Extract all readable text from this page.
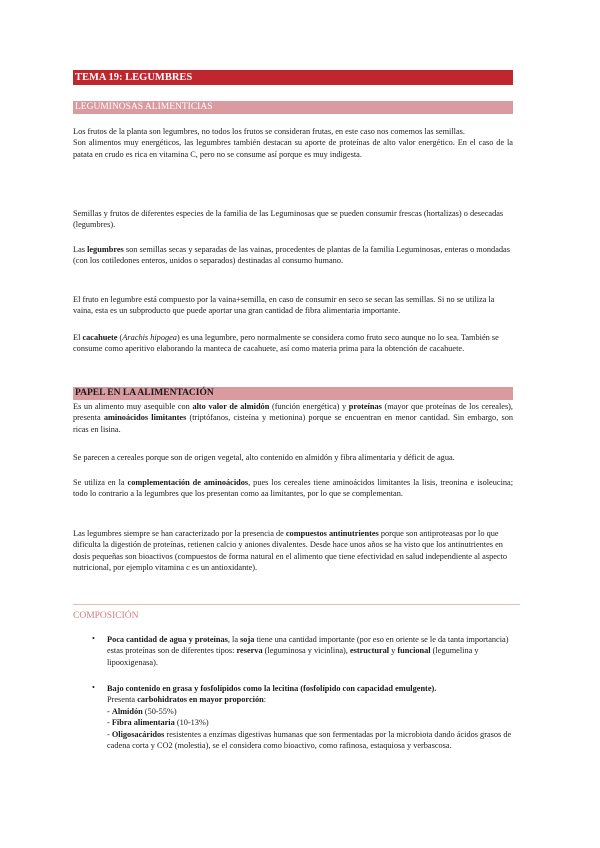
TEMA 19: LEGUMBRES
LEGUMINOSAS ALIMENTICIAS

Los frutos de la planta son legumbres, no todos los frutos se consideran frutas, en este caso nos comemos las semillas.
Son alimentos muy energéticos, las legumbres también destacan su aporte de proteínas de alto valor energético. En el caso de la patata en crudo es rica en vitamina C, pero no se consume así porque es muy indigesta.

Semillas y frutos de diferentes especies de la familia de las Leguminosas que se pueden consumir frescas (hortalizas) o desecadas (legumbres).

Las legumbres son semillas secas y separadas de las vainas, procedentes de plantas de la familia Leguminosas, enteras o mondadas (con los cotiledones enteros, unidos o separados) destinadas al consumo humano.

El fruto en legumbre está compuesto por la vaina+semilla, en caso de consumir en seco se secan las semillas. Si no se utiliza la vaina, esta es un subproducto que puede aportar una gran cantidad de fibra alimentaria importante.

El cacahuete (Arachis hipogea) es una legumbre, pero normalmente se considera como fruto seco aunque no lo sea. También se consume como aperitivo elaborando la manteca de cacahuete, así como materia prima para la obtención de cacahuete.

PAPEL EN LA ALIMENTACIÓN

Es un alimento muy asequible con alto valor de almidón (función energética) y proteínas (mayor que proteínas de los cereales), presenta aminoácidos limitantes (triptófanos, cisteína y metionina) porque se encuentran en menor cantidad. Sin embargo, son ricas en lisina.

Se parecen a cereales porque son de origen vegetal, alto contenido en almidón y fibra alimentaria y déficit de agua.

Se utiliza en la complementación de aminoácidos, pues los cereales tiene aminoácidos limitantes la lisis, treonina e isoleucina; todo lo contrario a la legumbres que los presentan como aa limitantes, por lo que se complementan.

Las legumbres siempre se han caracterizado por la presencia de compuestos antinutrientes porque son antiproteasas por lo que dificulta la digestión de proteínas, retienen calcio y aniones divalentes. Desde hace unos años se ha visto que los antinutrientes en dosis pequeñas son bioactivos (compuestos de forma natural en el alimento que tiene efectividad en salud independiente al aspecto nutricional, por ejemplo vitamina c es un antioxidante).

COMPOSICIÓN
• Poca cantidad de agua y proteínas, la soja tiene una cantidad importante (por eso en oriente se le da tanta importancia) estas proteínas son de diferentes tipos: reserva (leguminosa y vicinlina), estructural y funcional (legumelina y lipooxigenasa).
• Bajo contenido en grasa y fosfolípidos como la lecitina (fosfolípido con capacidad emulgente).
Presenta carbohidratos en mayor proporción:
- Almidón (50-55%)
- Fibra alimentaria (10-13%)
- Oligosacáridos resistentes a enzimas digestivas humanas que son fermentadas por la microbiota dando ácidos grasos de cadena corta y CO2 (molestia), se el considera como bioactivo, como rafinosa, estaquiosa y verbascosa.
